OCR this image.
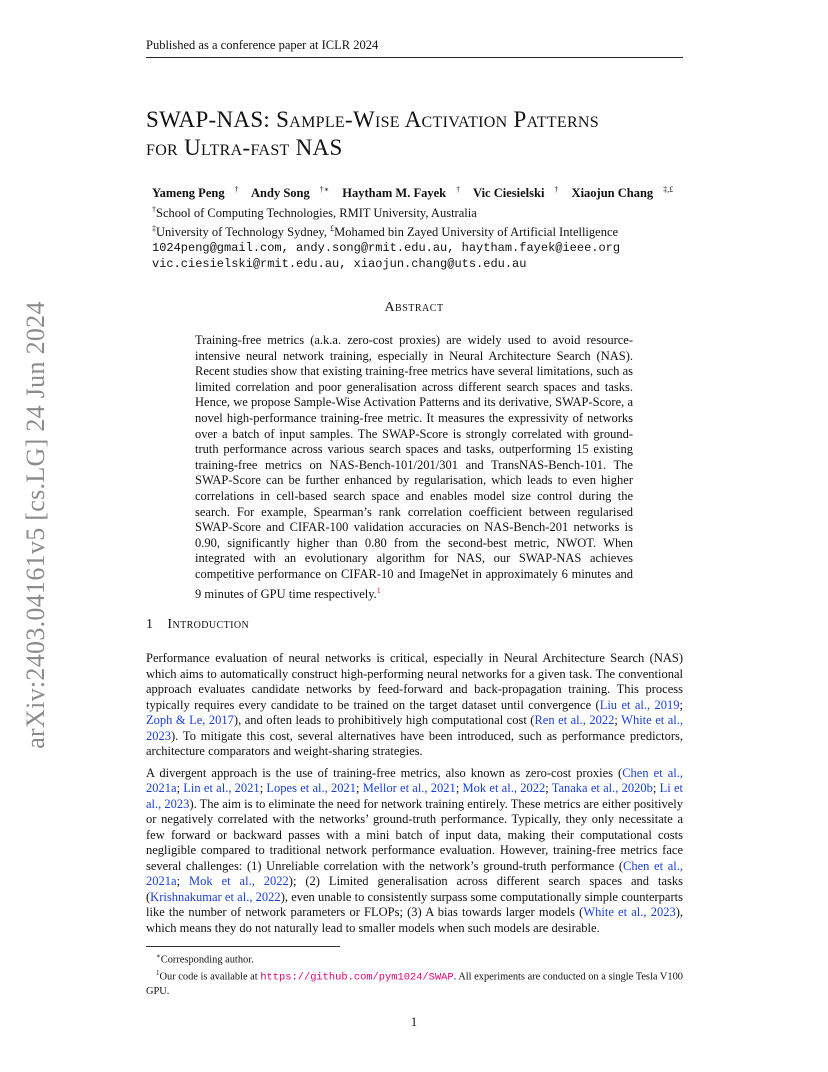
Published as a conference paper at ICLR 2024
arXiv:2403.04161v5 [cs.LG] 24 Jun 2024
SWAP-NAS: Sample-Wise Activation Patterns
for Ultra-fast NAS
Yameng Peng † Andy Song †∗ Haytham M. Fayek † Vic Ciesielski † Xiaojun Chang ‡,£
†School of Computing Technologies, RMIT University, Australia
‡University of Technology Sydney, £Mohamed bin Zayed University of Artificial Intelligence
1024peng@gmail.com, andy.song@rmit.edu.au, haytham.fayek@ieee.org
vic.ciesielski@rmit.edu.au, xiaojun.chang@uts.edu.au
Abstract
Training-free metrics (a.k.a. zero-cost proxies) are widely used to avoid resource-intensive neural network training, especially in Neural Architecture Search (NAS). Recent studies show that existing training-free metrics have several limitations, such as limited correlation and poor generalisation across different search spaces and tasks. Hence, we propose Sample-Wise Activation Patterns and its derivative, SWAP-Score, a novel high-performance training-free metric. It measures the expressivity of networks over a batch of input samples. The SWAP-Score is strongly correlated with ground-truth performance across various search spaces and tasks, outperforming 15 existing training-free metrics on NAS-Bench-101/201/301 and TransNAS-Bench-101. The SWAP-Score can be further enhanced by regularisation, which leads to even higher correlations in cell-based search space and enables model size control during the search. For example, Spearman’s rank correlation coefficient between regularised SWAP-Score and CIFAR-100 validation accuracies on NAS-Bench-201 networks is 0.90, significantly higher than 0.80 from the second-best metric, NWOT. When integrated with an evolutionary algorithm for NAS, our SWAP-NAS achieves competitive performance on CIFAR-10 and ImageNet in approximately 6 minutes and 9 minutes of GPU time respectively.$^1$
1 Introduction

Performance evaluation of neural networks is critical, especially in Neural Architecture Search (NAS) which aims to automatically construct high-performing neural networks for a given task. The conventional approach evaluates candidate networks by feed-forward and back-propagation training. This process typically requires every candidate to be trained on the target dataset until convergence (Liu et al., 2019; Zoph & Le, 2017), and often leads to prohibitively high computational cost (Ren et al., 2022; White et al., 2023). To mitigate this cost, several alternatives have been introduced, such as performance predictors, architecture comparators and weight-sharing strategies.

A divergent approach is the use of training-free metrics, also known as zero-cost proxies (Chen et al., 2021a; Lin et al., 2021; Lopes et al., 2021; Mellor et al., 2021; Mok et al., 2022; Tanaka et al., 2020b; Li et al., 2023). The aim is to eliminate the need for network training entirely. These metrics are either positively or negatively correlated with the networks’ ground-truth performance. Typically, they only necessitate a few forward or backward passes with a mini batch of input data, making their computational costs negligible compared to traditional network performance evaluation. However, training-free metrics face several challenges: (1) Unreliable correlation with the network’s ground-truth performance (Chen et al., 2021a; Mok et al., 2022); (2) Limited generalisation across different search spaces and tasks (Krishnakumar et al., 2022), even unable to consistently surpass some computationally simple counterparts like the number of network parameters or FLOPs; (3) A bias towards larger models (White et al., 2023), which means they do not naturally lead to smaller models when such models are desirable.

∗Corresponding author.

$^1$Our code is available at https://github.com/pym1024/SWAP. All experiments are conducted on a single Tesla V100 GPU.

1
